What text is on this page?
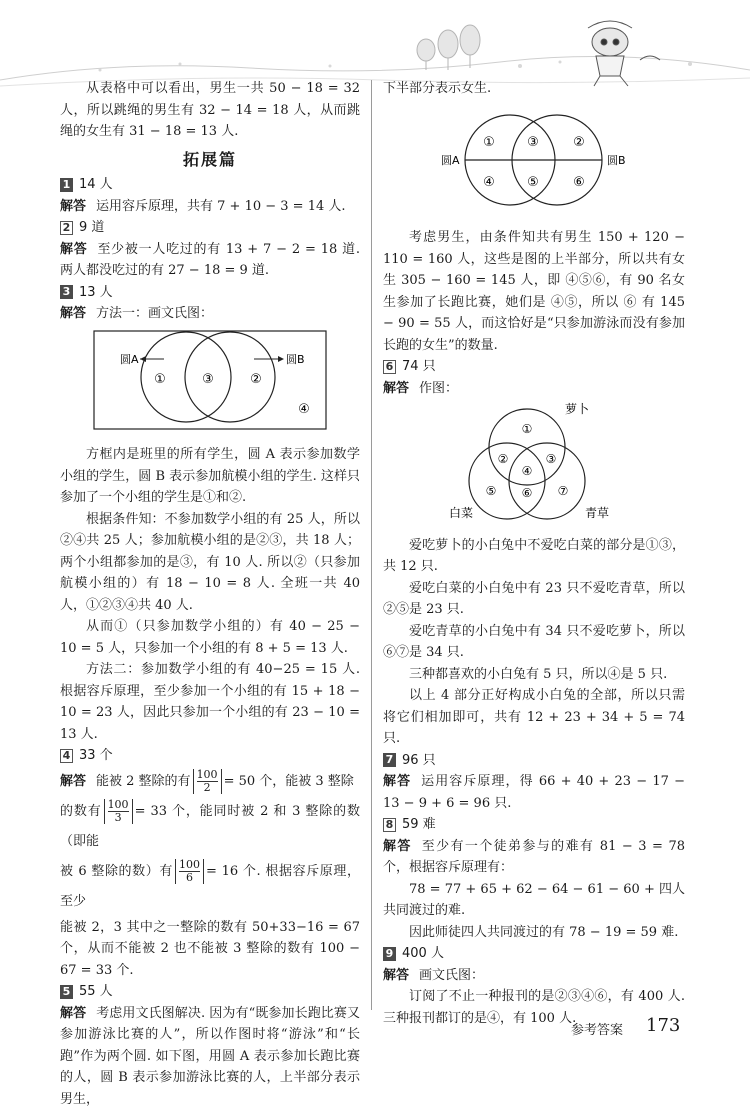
从表格中可以看出，男生一共 50 − 18 = 32 人，所以跳绳的男生有 32 − 14 = 18 人，从而跳绳的女生有 31 − 18 = 13 人.

拓展篇
1 14 人

解答 运用容斥原理，共有 7 + 10 − 3 = 14 人.

2 9 道

解答 至少被一人吃过的有 13 + 7 − 2 = 18 道. 两人都没吃过的有 27 − 18 = 9 道.

3 13 人

解答 方法一：画文氏图：

圆A	圆B
①	③	②
④

方框内是班里的所有学生，圆 A 表示参加数学小组的学生，圆 B 表示参加航模小组的学生. 这样只参加了一个小组的学生是①和②.

根据条件知：不参加数学小组的有 25 人，所以②④共 25 人；参加航模小组的是②③，共 18 人；两个小组都参加的是③，有 10 人. 所以②（只参加航模小组的）有 18 − 10 = 8 人. 全班一共 40 人，①②③④共 40 人.

从而①（只参加数学小组的）有 40 − 25 − 10 = 5 人，只参加一个小组的有 8 + 5 = 13 人.

方法二：参加数学小组的有 40−25 = 15 人. 根据容斥原理，至少参加一个小组的有 15 + 18 − 10 = 23 人，因此只参加一个小组的有 23 − 10 = 13 人.

4 33 个

解答 能被 2 整除的有 $\frac{100}{2} = 50$ 个，能被 3 整除
的数有 $\frac{100}{3} = 33$ 个，能同时被 2 和 3 整除的数（即能
被 6 整除的数）有 $\frac{100}{6} = 16$ 个. 根据容斥原理，至少

能被 2，3 其中之一整除的数有 50+33−16 = 67 个，从而不能被 2 也不能被 3 整除的数有 100 − 67 = 33 个.

5 55 人

解答 考虑用文氏图解决. 因为有“既参加长跑比赛又参加游泳比赛的人”，所以作图时将“游泳”和“长跑”作为两个圆. 如下图，用圆 A 表示参加长跑比赛的人，圆 B 表示参加游泳比赛的人，上半部分表示男生，

下半部分表示女生.

圆A	圆B
① ③	②
④ ⑤	⑥

考虑男生，由条件知共有男生 150 + 120 − 110 = 160 人，这些是图的上半部分，所以共有女生 305 − 160 = 145 人，即 ④⑤⑥，有 90 名女生参加了长跑比赛，她们是 ④⑤，所以 ⑥ 有 145 − 90 = 55 人，而这恰好是“只参加游泳而没有参加长跑的女生”的数量.

6 74 只

解答 作图：

萝卜
白菜	青草
①
②	③
④
⑤ ⑥ ⑦

爱吃萝卜的小白兔中不爱吃白菜的部分是①③，共 12 只.

爱吃白菜的小白兔中有 23 只不爱吃青草，所以②⑤是 23 只.

爱吃青草的小白兔中有 34 只不爱吃萝卜，所以⑥⑦是 34 只.

三种都喜欢的小白兔有 5 只，所以④是 5 只.

以上 4 部分正好构成小白兔的全部，所以只需将它们相加即可，共有 12 + 23 + 34 + 5 = 74 只.

7 96 只

解答 运用容斥原理，得 66 + 40 + 23 − 17 − 13 − 9 + 6 = 96 只.

8 59 难

解答 至少有一个徒弟参与的难有 81 − 3 = 78 个，根据容斥原理有：

78 = 77 + 65 + 62 − 64 − 61 − 60 + 四人共同渡过的难.

因此师徒四人共同渡过的有 78 − 19 = 59 难.

9 400 人

解答 画文氏图：

订阅了不止一种报刊的是②③④⑥，有 400 人. 三种报刊都订的是④，有 100 人.

参考答案 173
